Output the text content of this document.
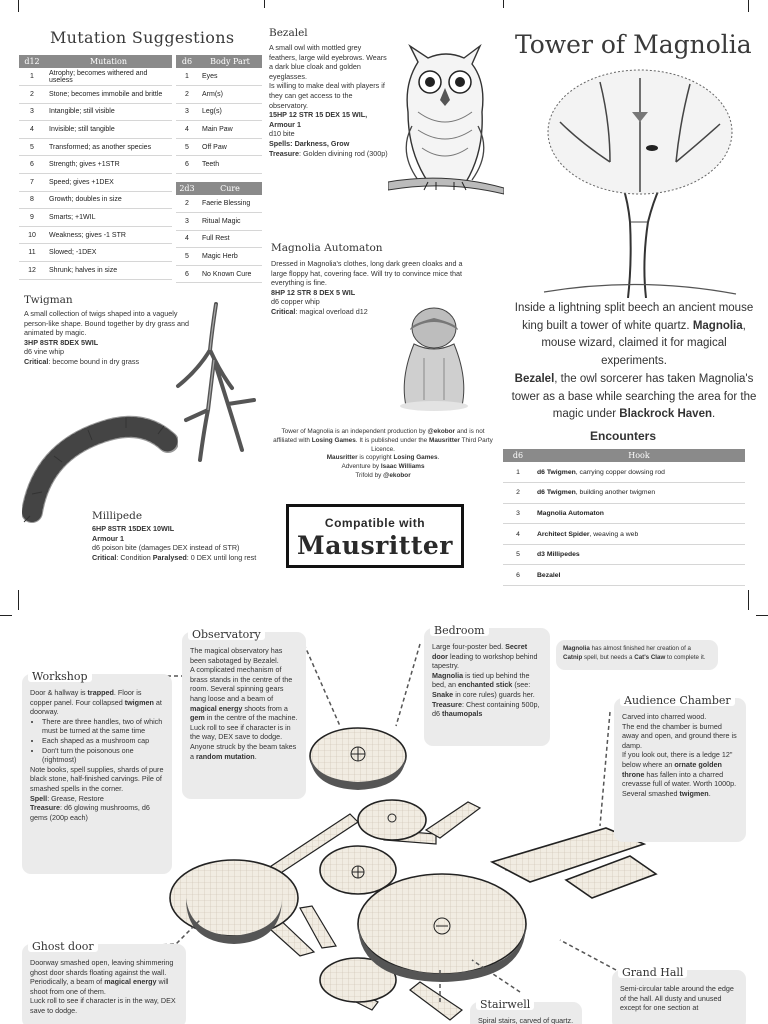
Mutation Suggestions
d12	Mutation
1	Atrophy; becomes withered and useless
2	Stone; becomes immobile and brittle
3	Intangible; still visible
4	Invisible; still tangible
5	Transformed; as another species
6	Strength; gives +1STR
7	Speed; gives +1DEX
8	Growth; doubles in size
9	Smarts; +1WIL
10	Weakness; gives -1 STR
11	Slowed; -1DEX
12	Shrunk; halves in size
d6	Body Part
1	Eyes
2	Arm(s)
3	Leg(s)
4	Main Paw
5	Off Paw
6	Teeth
2d3	Cure
2	Faerie Blessing
3	Ritual Magic
4	Full Rest
5	Magic Herb
6	No Known Cure
Bezalel
A small owl with mottled grey feathers, large wild eyebrows. Wears a dark blue cloak and golden eyeglasses.
Is willing to make deal with players if they can get access to the observatory.
15HP 12 STR 15 DEX 15 WIL,
Armour 1
d10 bite
Spells: Darkness, Grow
Treasure: Golden divining rod (300p)
Tower of Magnolia
Inside a lightning split beech an ancient mouse king built a tower of white quartz. Magnolia, mouse wizard, claimed it for magical experiments.
Bezalel, the owl sorcerer has taken Magnolia's tower as a base while searching the area for the magic under Blackrock Haven.
Encounters
d6	Hook
1	d6 Twigmen, carrying copper dowsing rod
2	d6 Twigmen, building another twigmen
3	Magnolia Automaton
4	Architect Spider, weaving a web
5	d3 Millipedes
6	Bezalel
Magnolia Automaton
Dressed in Magnolia's clothes, long dark green cloaks and a large floppy hat, covering face. Will try to convince mice that everything is fine.
8HP 12 STR 8 DEX 5 WIL
d6 copper whip
Critical: magical overload d12
Twigman
A small collection of twigs shaped into a vaguely person-like shape. Bound together by dry grass and animated by magic.
3HP 8STR 8DEX 5WIL
d6 vine whip
Critical: become bound in dry grass
Millipede
6HP 8STR 15DEX 10WIL
Armour 1
d6 poison bite (damages DEX instead of STR)
Critical: Condition Paralysed: 0 DEX until long rest
Tower of Magnolia is an independent production by @ekobor and is not affiliated with Losing Games. It is published under the Mausritter Third Party Licence.
Mausritter is copyright Losing Games.
Adventure by Isaac Williams
Trifold by @ekobor
Compatible with
Mausritter
Observatory
The magical observatory has been sabotaged by Bezalel.
A complicated mechanism of brass stands in the centre of the room. Several spinning gears hang loose and a beam of magical energy shoots from a gem in the centre of the machine.
Luck roll to see if character is in the way, DEX save to dodge.
Anyone struck by the beam takes a random mutation.
Bedroom
Large four-poster bed. Secret door leading to workshop behind tapestry.
Magnolia is tied up behind the bed, an enchanted stick (see: Snake in core rules) guards her.
Treasure: Chest containing 500p, d6 thaumopals
Magnolia has almost finished her creation of a Catnip spell, but needs a Cat's Claw to complete it.
Workshop
Door & hallway is trapped. Floor is copper panel. Four collapsed twigmen at doorway.
• There are three handles, two of which must be turned at the same time
• Each shaped as a mushroom cap
• Don't turn the poisonous one (rightmost)
Note books, spell supplies, shards of pure black stone, half-finished carvings. Pile of smashed spells in the corner.
Spell: Grease, Restore
Treasure: d6 glowing mushrooms, d6 gems (200p each)
Audience Chamber
Carved into charred wood.
The end the chamber is burned away and open, and ground there is damp.
If you look out, there is a ledge 12" below where an ornate golden throne has fallen into a charred crevasse full of water. Worth 1000p.
Several smashed twigmen.
Ghost door
Doorway smashed open, leaving shimmering ghost door shards floating against the wall.
Periodically, a beam of magical energy will shoot from one of them.
Luck roll to see if character is in the way, DEX save to dodge.	Stairwell
Spiral stairs, carved of quartz.
Grand Hall
Semi-circular table around the edge of the hall. All dusty and unused except for one section at
